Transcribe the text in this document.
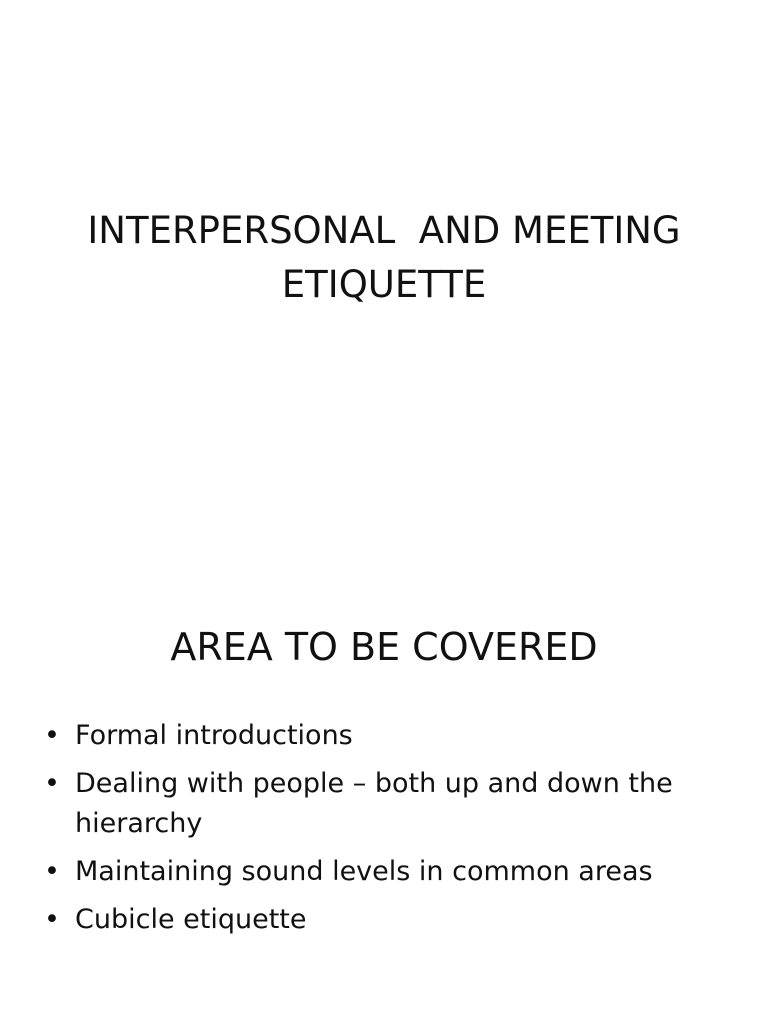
INTERPERSONAL  AND MEETING
ETIQUETTE
AREA TO BE COVERED
• Formal introductions
• Dealing with people – both up and down the hierarchy
• Maintaining sound levels in common areas
• Cubicle etiquette
